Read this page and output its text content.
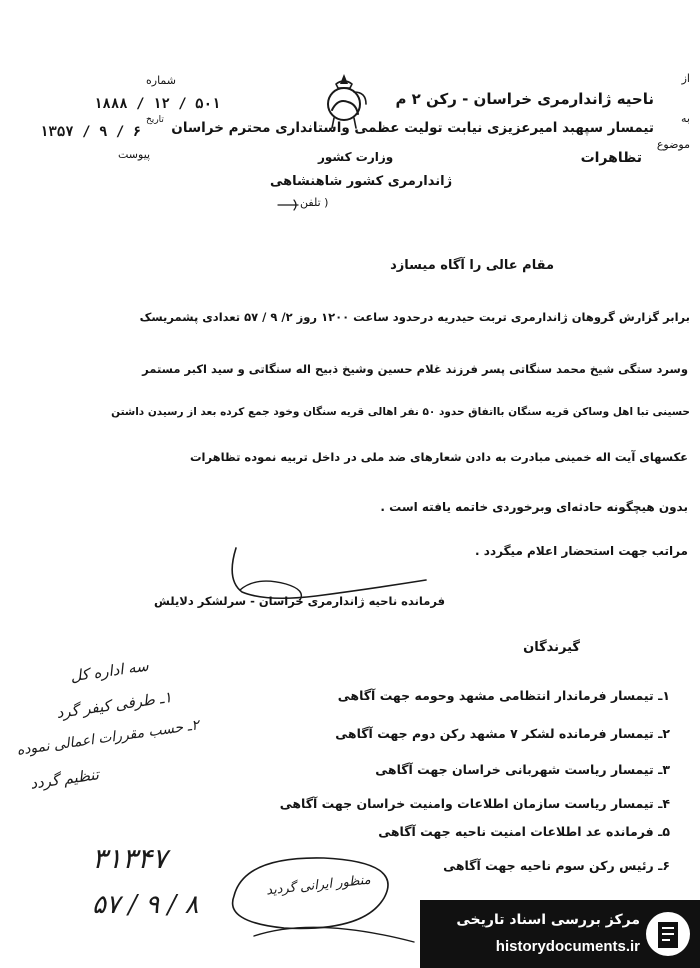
شماره
۱۸۸۸ / ۱۲ / ۵۰۱
تاریخ
۱۳۵۷ / ۹ / ۶
پیوست
از
به
موضوع
ناحیه ژاندارمری خراسان - رکن ۲ م
تیمسار سپهبد امیرعزیزی نیابت تولیت عظمی واستانداری محترم خراسان
تظاهرات
وزارت کشور
ژاندارمری کشور شاهنشاهی
( تلفن
مقام عالی را آگاه میسازد
برابر گزارش گروهان ژاندارمری تربت حیدریه درحدود ساعت ۱۲۰۰ روز ۲/ ۹ / ۵۷ تعدادی پشمریسک
وسرد ستگی شیخ محمد سنگاتی پسر فرزند غلام حسین وشیخ ذبیح اله سنگاتی و سید اکبر مستمر
حسینی تبا اهل وساکن قریه سنگان بااتفاق حدود ۵۰ نفر اهالی قریه سنگان وخود جمع کرده بعد از رسیدن داشتن
عکسهای آیت اله خمینی مبادرت به دادن شعارهای ضد ملی در داخل تربیه نموده تظاهرات
بدون هیچگونه حادثه‌ای وبرخوردی خاتمه یافته است .
مراتب جهت استحضار اعلام میگردد .
فرمانده ناحیه ژاندارمری خراسان - سرلشکر دلایلش
گیرندگان
۱ـ تیمسار فرماندار انتظامی مشهد وحومه جهت آگاهی
۲ـ تیمسار فرمانده لشکر ۷ مشهد رکن دوم جهت آگاهی
۳ـ تیمسار ریاست شهربانی خراسان جهت آگاهی
۴ـ تیمسار ریاست سازمان اطلاعات وامنیت خراسان جهت آگاهی
۵ـ فرمانده عد اطلاعات امنیت ناحیه جهت آگاهی
۶ـ رئیس رکن سوم ناحیه جهت آگاهی
سه اداره کل
۱ـ طرفی کیفر گرد
۲ـ حسب مقررات اعمالی نموده
تنظیم گردد
۳۱۳۴۷
۵۷ / ۹ / ۸
منظور ایرانی گردید
مرکز بررسی اسناد تاریخی
historydocuments.ir
